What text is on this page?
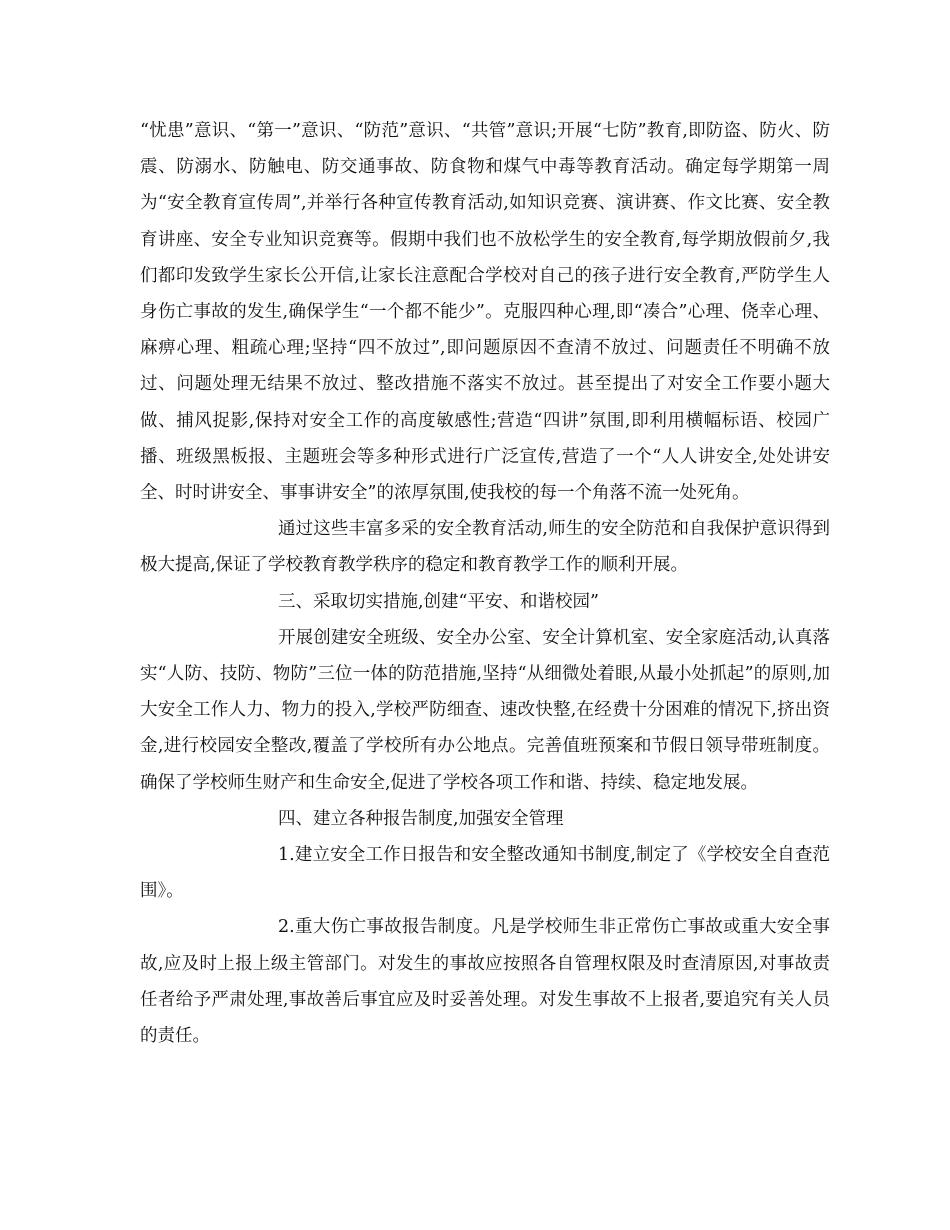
“忧患”意识、“第一”意识、“防范”意识、“共管”意识;开展“七防”教育,即防盗、防火、防震、防溺水、防触电、防交通事故、防食物和煤气中毒等教育活动。确定每学期第一周为“安全教育宣传周”,并举行各种宣传教育活动,如知识竞赛、演讲赛、作文比赛、安全教育讲座、安全专业知识竞赛等。假期中我们也不放松学生的安全教育,每学期放假前夕,我们都印发致学生家长公开信,让家长注意配合学校对自己的孩子进行安全教育,严防学生人身伤亡事故的发生,确保学生“一个都不能少”。克服四种心理,即“凑合”心理、侥幸心理、麻痹心理、粗疏心理;坚持“四不放过”,即问题原因不查清不放过、问题责任不明确不放过、问题处理无结果不放过、整改措施不落实不放过。甚至提出了对安全工作要小题大做、捕风捉影,保持对安全工作的高度敏感性;营造“四讲”氛围,即利用横幅标语、校园广播、班级黑板报、主题班会等多种形式进行广泛宣传,营造了一个“人人讲安全,处处讲安全、时时讲安全、事事讲安全”的浓厚氛围,使我校的每一个角落不流一处死角。

通过这些丰富多采的安全教育活动,师生的安全防范和自我保护意识得到极大提高,保证了学校教育教学秩序的稳定和教育教学工作的顺利开展。

三、采取切实措施,创建“平安、和谐校园”

开展创建安全班级、安全办公室、安全计算机室、安全家庭活动,认真落实“人防、技防、物防”三位一体的防范措施,坚持“从细微处着眼,从最小处抓起”的原则,加大安全工作人力、物力的投入,学校严防细查、速改快整,在经费十分困难的情况下,挤出资金,进行校园安全整改,覆盖了学校所有办公地点。完善值班预案和节假日领导带班制度。确保了学校师生财产和生命安全,促进了学校各项工作和谐、持续、稳定地发展。

四、建立各种报告制度,加强安全管理

1.建立安全工作日报告和安全整改通知书制度,制定了《学校安全自查范围》。

2.重大伤亡事故报告制度。凡是学校师生非正常伤亡事故或重大安全事故,应及时上报上级主管部门。对发生的事故应按照各自管理权限及时查清原因,对事故责任者给予严肃处理,事故善后事宜应及时妥善处理。对发生事故不上报者,要追究有关人员的责任。
